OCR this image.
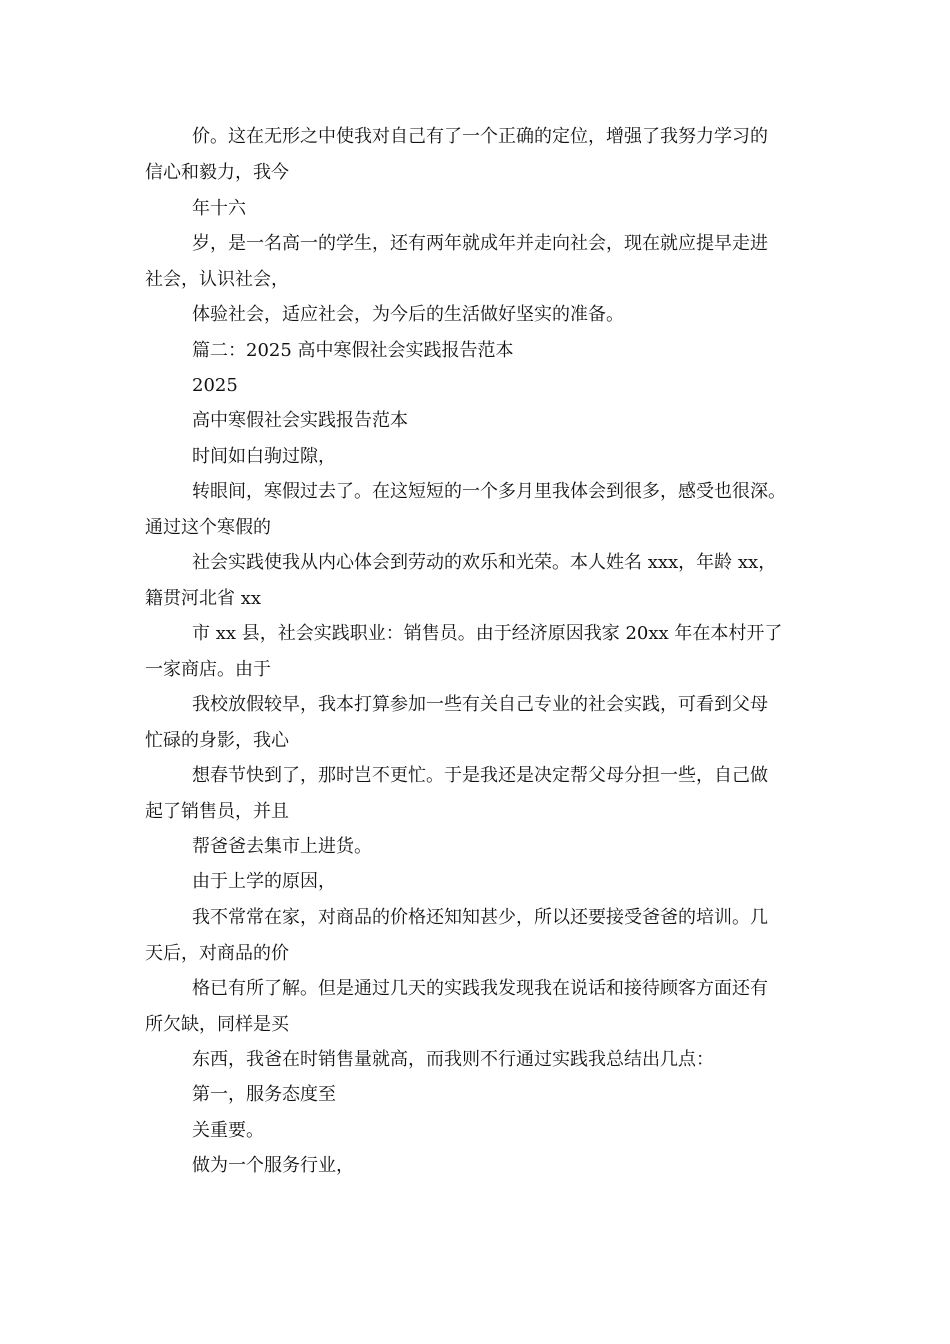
价。这在无形之中使我对自己有了一个正确的定位，增强了我努力学习的

信心和毅力，我今

年十六

岁，是一名高一的学生，还有两年就成年并走向社会，现在就应提早走进

社会，认识社会，

体验社会，适应社会，为今后的生活做好坚实的准备。

篇二：2025 高中寒假社会实践报告范本

2025

高中寒假社会实践报告范本

时间如白驹过隙，

转眼间，寒假过去了。在这短短的一个多月里我体会到很多，感受也很深。

通过这个寒假的

社会实践使我从内心体会到劳动的欢乐和光荣。本人姓名 xxx，年龄 xx，

籍贯河北省 xx

市 xx 县，社会实践职业：销售员。由于经济原因我家 20xx 年在本村开了

一家商店。由于

我校放假较早，我本打算参加一些有关自己专业的社会实践，可看到父母

忙碌的身影，我心

想春节快到了，那时岂不更忙。于是我还是决定帮父母分担一些，自己做

起了销售员，并且

帮爸爸去集市上进货。

由于上学的原因，

我不常常在家，对商品的价格还知知甚少，所以还要接受爸爸的培训。几

天后，对商品的价

格已有所了解。但是通过几天的实践我发现我在说话和接待顾客方面还有

所欠缺，同样是买

东西，我爸在时销售量就高，而我则不行通过实践我总结出几点：

第一，服务态度至

关重要。

做为一个服务行业，
